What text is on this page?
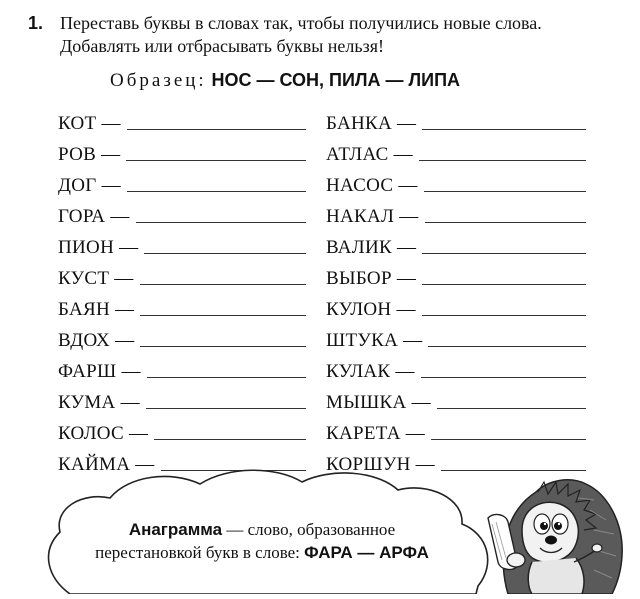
1. Переставь буквы в словах так, чтобы получились новые слова.
Добавлять или отбрасывать буквы нельзя!
Образец: НОС — СОН, ПИЛА — ЛИПА
КОТ —
РОВ —
ДОГ —
ГОРА —
ПИОН —
КУСТ —
БАЯН —
ВДОХ —
ФАРШ —
КУМА —
КОЛОС —
КАЙМА —
БАНКА —
АТЛАС —
НАСОС —
НАКАЛ —
ВАЛИК —
ВЫБОР —
КУЛОН —
ШТУКА —
КУЛАК —
МЫШКА —
КАРЕТА —
КОРШУН —
Анаграмма — слово, образованное
перестановкой букв в слове: ФАРА — АРФА
